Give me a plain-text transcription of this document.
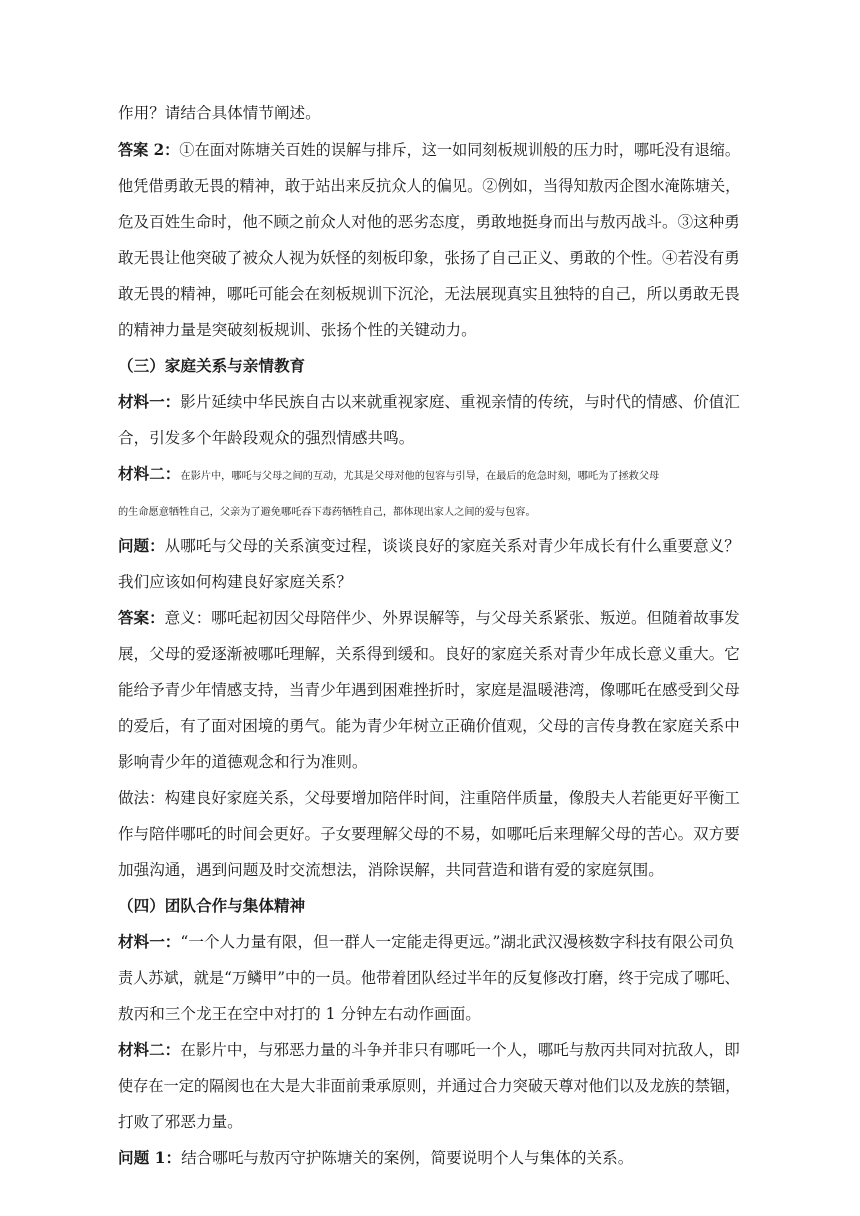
作用？请结合具体情节阐述。
答案 2：①在面对陈塘关百姓的误解与排斥，这一如同刻板规训般的压力时，哪吒没有退缩。
他凭借勇敢无畏的精神，敢于站出来反抗众人的偏见。②例如，当得知敖丙企图水淹陈塘关，
危及百姓生命时，他不顾之前众人对他的恶劣态度，勇敢地挺身而出与敖丙战斗。③这种勇
敢无畏让他突破了被众人视为妖怪的刻板印象，张扬了自己正义、勇敢的个性。④若没有勇
敢无畏的精神，哪吒可能会在刻板规训下沉沦，无法展现真实且独特的自己，所以勇敢无畏
的精神力量是突破刻板规训、张扬个性的关键动力。
（三）家庭关系与亲情教育
材料一：影片延续中华民族自古以来就重视家庭、重视亲情的传统，与时代的情感、价值汇
合，引发多个年龄段观众的强烈情感共鸣。
材料二：在影片中，哪吒与父母之间的互动，尤其是父母对他的包容与引导，在最后的危急时刻，哪吒为了拯救父母
的生命愿意牺牲自己，父亲为了避免哪吒吞下毒药牺牲自己，都体现出家人之间的爱与包容。
问题：从哪吒与父母的关系演变过程，谈谈良好的家庭关系对青少年成长有什么重要意义？
我们应该如何构建良好家庭关系？
答案：意义：哪吒起初因父母陪伴少、外界误解等，与父母关系紧张、叛逆。但随着故事发
展，父母的爱逐渐被哪吒理解，关系得到缓和。良好的家庭关系对青少年成长意义重大。它
能给予青少年情感支持，当青少年遇到困难挫折时，家庭是温暖港湾，像哪吒在感受到父母
的爱后，有了面对困境的勇气。能为青少年树立正确价值观，父母的言传身教在家庭关系中
影响青少年的道德观念和行为准则。
做法：构建良好家庭关系，父母要增加陪伴时间，注重陪伴质量，像殷夫人若能更好平衡工
作与陪伴哪吒的时间会更好。子女要理解父母的不易，如哪吒后来理解父母的苦心。双方要
加强沟通，遇到问题及时交流想法，消除误解，共同营造和谐有爱的家庭氛围。
（四）团队合作与集体精神
材料一：“一个人力量有限，但一群人一定能走得更远。”湖北武汉漫核数字科技有限公司负
责人苏斌，就是“万鳞甲”中的一员。他带着团队经过半年的反复修改打磨，终于完成了哪吒、
敖丙和三个龙王在空中对打的 1 分钟左右动作画面。
材料二：在影片中，与邪恶力量的斗争并非只有哪吒一个人，哪吒与敖丙共同对抗敌人，即
使存在一定的隔阂也在大是大非面前秉承原则，并通过合力突破天尊对他们以及龙族的禁锢，
打败了邪恶力量。
问题 1：结合哪吒与敖丙守护陈塘关的案例，简要说明个人与集体的关系。
